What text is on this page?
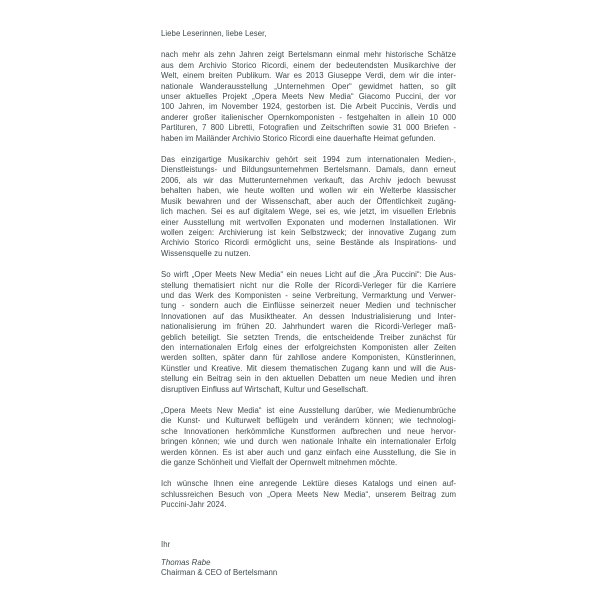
Liebe Leserinnen, liebe Leser,
nach mehr als zehn Jahren zeigt Bertelsmann einmal mehr historische Schätze
aus dem Archivio Storico Ricordi, einem der bedeutendsten Musikarchive der
Welt, einem breiten Publikum. War es 2013 Giuseppe Verdi, dem wir die inter-
nationale Wanderausstellung „Unternehmen Oper“ gewidmet hatten, so gilt
unser aktuelles Projekt „Opera Meets New Media“ Giacomo Puccini, der vor
100 Jahren, im November 1924, gestorben ist. Die Arbeit Puccinis, Verdis und
anderer großer italienischer Opernkomponisten - festgehalten in allein 10 000
Partituren, 7 800 Libretti, Fotografien und Zeitschriften sowie 31 000 Briefen -
haben im Mailänder Archivio Storico Ricordi eine dauerhafte Heimat gefunden.
Das einzigartige Musikarchiv gehört seit 1994 zum internationalen Medien-,
Dienstleistungs- und Bildungsunternehmen Bertelsmann. Damals, dann erneut
2006, als wir das Mutterunternehmen verkauft, das Archiv jedoch bewusst
behalten haben, wie heute wollten und wollen wir ein Welterbe klassischer
Musik bewahren und der Wissenschaft, aber auch der Öffentlichkeit zugäng-
lich machen. Sei es auf digitalem Wege, sei es, wie jetzt, im visuellen Erlebnis
einer Ausstellung mit wertvollen Exponaten und modernen Installationen. Wir
wollen zeigen: Archivierung ist kein Selbstzweck; der innovative Zugang zum
Archivio Storico Ricordi ermöglicht uns, seine Bestände als Inspirations- und
Wissensquelle zu nutzen.
So wirft „Oper Meets New Media“ ein neues Licht auf die „Ära Puccini“: Die Aus-
stellung thematisiert nicht nur die Rolle der Ricordi-Verleger für die Karriere
und das Werk des Komponisten - seine Verbreitung, Vermarktung und Verwer-
tung - sondern auch die Einflüsse seinerzeit neuer Medien und technischer
Innovationen auf das Musiktheater. An dessen Industrialisierung und Inter-
nationalisierung im frühen 20. Jahrhundert waren die Ricordi-Verleger maß-
geblich beteiligt. Sie setzten Trends, die entscheidende Treiber zunächst für
den internationalen Erfolg eines der erfolgreichsten Komponisten aller Zeiten
werden sollten, später dann für zahllose andere Komponisten, Künstlerinnen,
Künstler und Kreative. Mit diesem thematischen Zugang kann und will die Aus-
stellung ein Beitrag sein in den aktuellen Debatten um neue Medien und ihren
disruptiven Einfluss auf Wirtschaft, Kultur und Gesellschaft.
„Opera Meets New Media“ ist eine Ausstellung darüber, wie Medienumbrüche
die Kunst- und Kulturwelt beflügeln und verändern können; wie technologi-
sche Innovationen herkömmliche Kunstformen aufbrechen und neue hervor-
bringen können; wie und durch wen nationale Inhalte ein internationaler Erfolg
werden können. Es ist aber auch und ganz einfach eine Ausstellung, die Sie in
die ganze Schönheit und Vielfalt der Opernwelt mitnehmen möchte.
Ich wünsche Ihnen eine anregende Lektüre dieses Katalogs und einen auf-
schlussreichen Besuch von „Opera Meets New Media“, unserem Beitrag zum
Puccini-Jahr 2024.
Ihr
Thomas Rabe
Chairman & CEO of Bertelsmann
